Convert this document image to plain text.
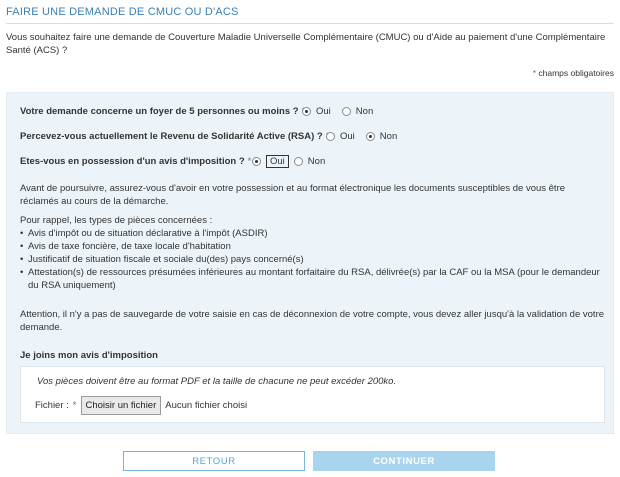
FAIRE UNE DEMANDE DE CMUC OU D'ACS

Vous souhaitez faire une demande de Couverture Maladie Universelle Complémentaire (CMUC) ou d'Aide au paiement d'une Complémentaire Santé (ACS) ?

* champs obligatoires
Votre demande concerne un foyer de 5 personnes ou moins ? Oui	Non
Percevez-vous actuellement le Revenu de Solidarité Active (RSA) ? Oui	Non
Etes-vous en possession d'un avis d'imposition ? *	Oui	Non

Avant de poursuivre, assurez-vous d'avoir en votre possession et au format électronique les documents susceptibles de vous être réclamés au cours de la démarche.

Pour rappel, les types de pièces concernées :

• Avis d'impôt ou de situation déclarative à l'impôt (ASDIR)
• Avis de taxe foncière, de taxe locale d'habitation
• Justificatif de situation fiscale et sociale du(des) pays concerné(s)
• Attestation(s) de ressources présumées inférieures au montant forfaitaire du RSA, délivrée(s) par la CAF ou la MSA (pour le demandeur du RSA uniquement)

Attention, il n'y a pas de sauvegarde de votre saisie en cas de déconnexion de votre compte, vous devez aller jusqu'à la validation de votre demande.

Je joins mon avis d'imposition
Vos pièces doivent être au format PDF et la taille de chacune ne peut excéder 200ko.
Fichier : * Choisir un fichier Aucun fichier choisi
RETOUR	CONTINUER
